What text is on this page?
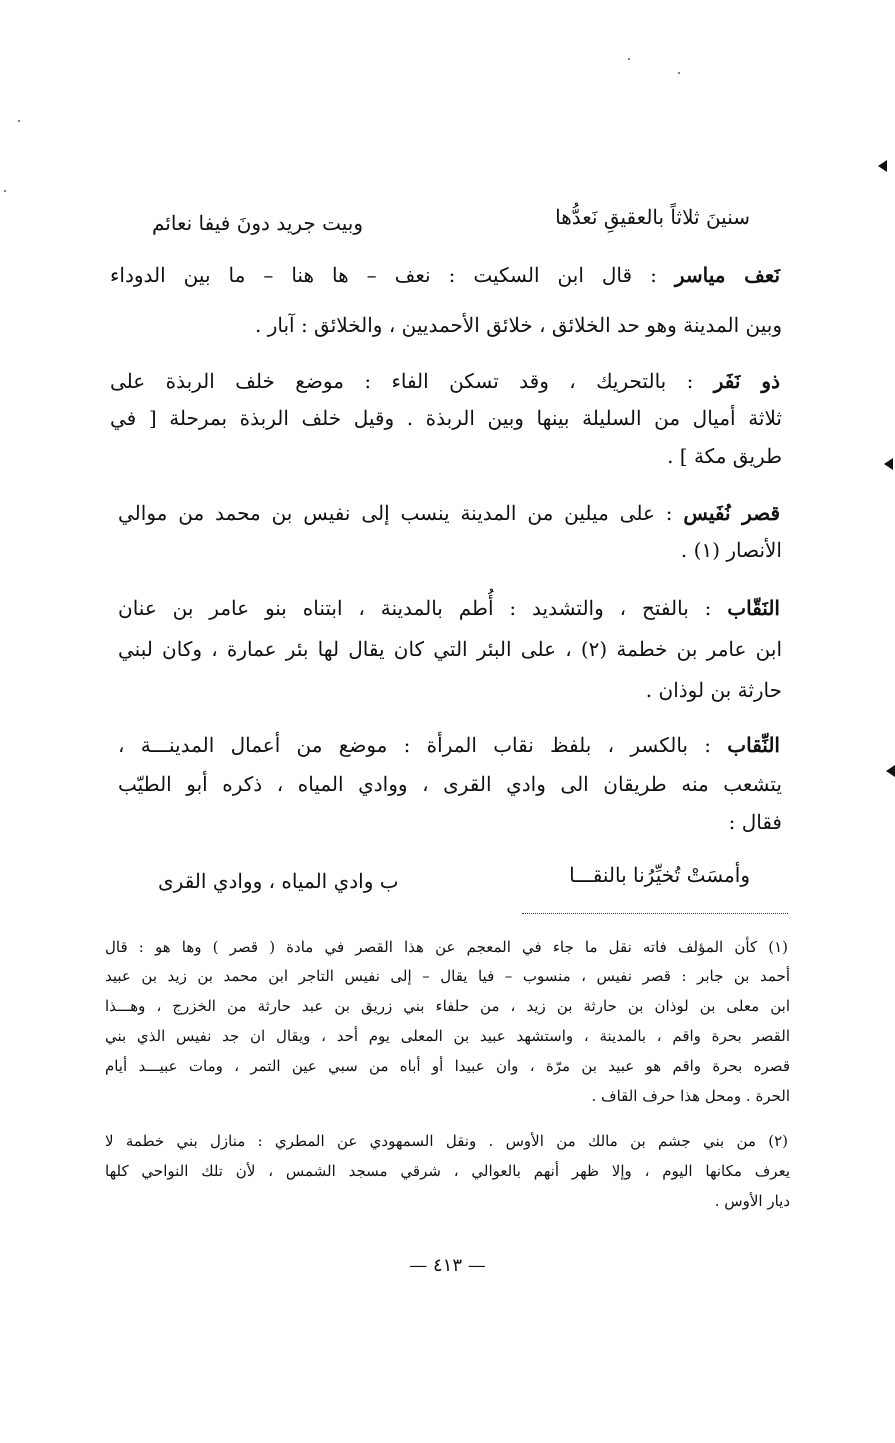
سنينَ ثلاثاً بالعقيقِ نَعدُّها
وبيت جريد دونَ فيفا نعائم
نَعف مياسر : قال ابن السكيت : نعف – ها هنا – ما بين الدوداء
وبين المدينة وهو حد الخلائق ، خلائق الأحمديين ، والخلائق : آبار .
ذو نَفَر : بالتحريك ، وقد تسكن الفاء : موضع خلف الربذة على
ثلاثة أميال من السليلة بينها وبين الربذة . وقيل خلف الربذة بمرحلة [ في
طريق مكة ] .
قصر نُفَيس : على ميلين من المدينة ينسب إلى نفيس بن محمد من موالي
الأنصار (١) .
النَقّاب : بالفتح ، والتشديد : أُطم بالمدينة ، ابتناه بنو عامر بن عنان
ابن عامر بن خطمة (٢) ، على البئر التي كان يقال لها بئر عمارة ، وكان لبني
حارثة بن لوذان .
النِّقاب : بالكسر ، بلفظ نقاب المرأة : موضع من أعمال المدينـــة ،
يتشعب منه طريقان الى وادي القرى ، ووادي المياه ، ذكره أبو الطيّب
فقال :
وأمسَتْ تُخيِّرُنا بالنقـــا
ب وادي المياه ، ووادي القرى
(١) كأن المؤلف فاته نقل ما جاء في المعجم عن هذا القصر في مادة ( قصر ) وها هو : قال
أحمد بن جابر : قصر نفيس ، منسوب – فيا يقال – إلى نفيس التاجر ابن محمد بن زيد بن عبيد
ابن معلى بن لوذان بن حارثة بن زيد ، من حلفاء بني زريق بن عبد حارثة من الخزرج ، وهـــذا
القصر بحرة واقم ، بالمدينة ، واستشهد عبيد بن المعلى يوم أحد ، ويقال ان جد نفيس الذي بني
قصره بحرة واقم هو عبيد بن مرّة ، وان عبيدا أو أباه من سبي عين التمر ، ومات عبيـــد أيام
الحرة . ومحل هذا حرف القاف .
(٢) من بني جشم بن مالك من الأوس . ونقل السمهودي عن المطري : منازل بني خطمة لا
يعرف مكانها اليوم ، وإلا ظهر أنهم بالعوالي ، شرقي مسجد الشمس ، لأن تلك النواحي كلها
ديار الأوس .
— ٤١٣ —
